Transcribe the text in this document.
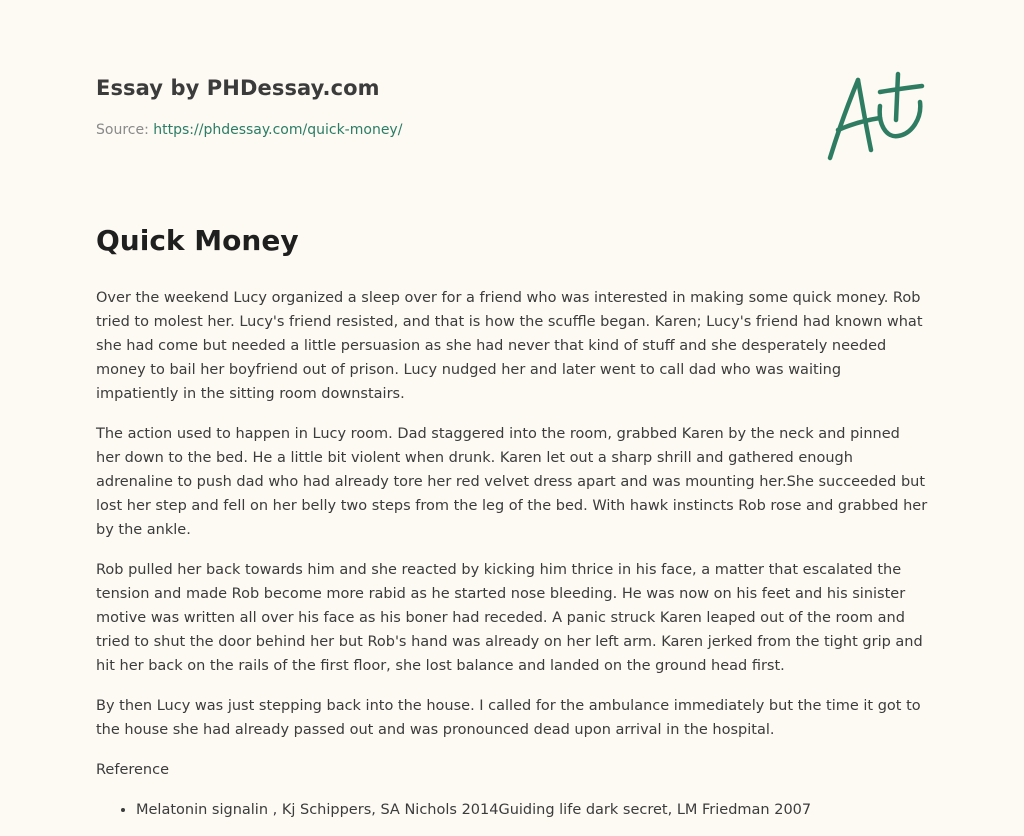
Essay by PHDessay.com
Source: https://phdessay.com/quick-money/
Quick Money

Over the weekend Lucy organized a sleep over for a friend who was interested in making some quick money. Rob tried to molest her. Lucy's friend resisted, and that is how the scuffle began. Karen; Lucy's friend had known what she had come but needed a little persuasion as she had never that kind of stuff and she desperately needed money to bail her boyfriend out of prison. Lucy nudged her and later went to call dad who was waiting impatiently in the sitting room downstairs.

The action used to happen in Lucy room. Dad staggered into the room, grabbed Karen by the neck and pinned her down to the bed. He a little bit violent when drunk. Karen let out a sharp shrill and gathered enough adrenaline to push dad who had already tore her red velvet dress apart and was mounting her.She succeeded but lost her step and fell on her belly two steps from the leg of the bed. With hawk instincts Rob rose and grabbed her by the ankle.

Rob pulled her back towards him and she reacted by kicking him thrice in his face, a matter that escalated the tension and made Rob become more rabid as he started nose bleeding. He was now on his feet and his sinister motive was written all over his face as his boner had receded. A panic struck Karen leaped out of the room and tried to shut the door behind her but Rob's hand was already on her left arm. Karen jerked from the tight grip and hit her back on the rails of the first floor, she lost balance and landed on the ground head first.

By then Lucy was just stepping back into the house. I called for the ambulance immediately but the time it got to the house she had already passed out and was pronounced dead upon arrival in the hospital.

Reference

• Melatonin signalin , Kj Schippers, SA Nichols 2014Guiding life dark secret, LM Friedman 2007
